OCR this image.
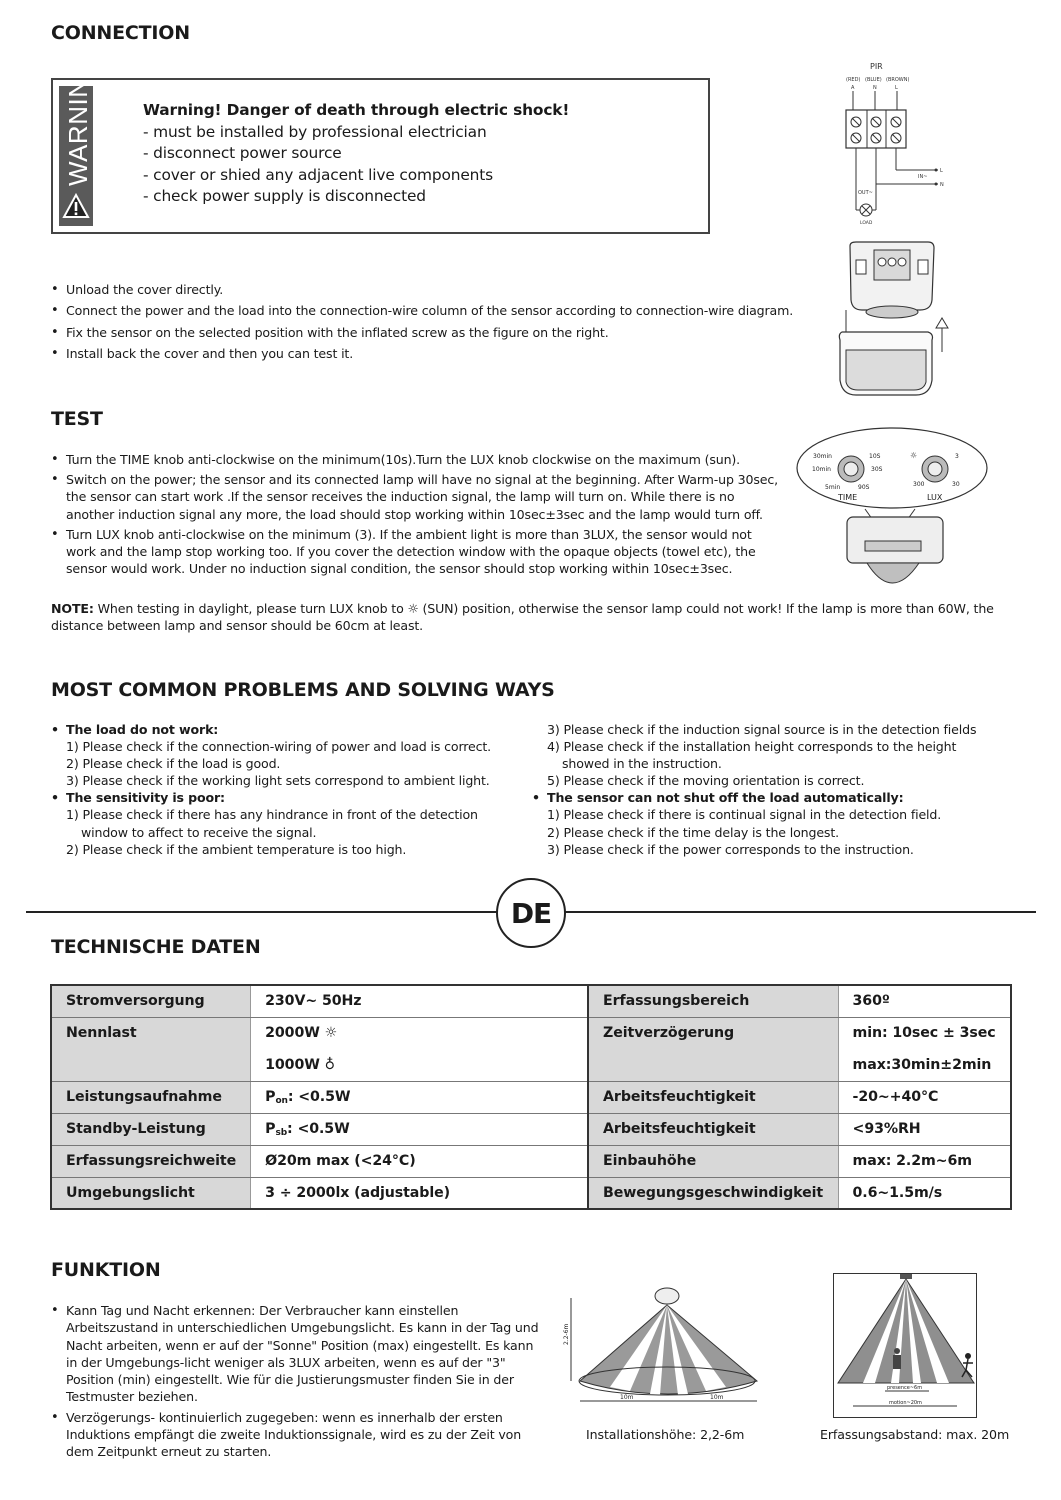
CONNECTION
WARNING	Warning! Danger of death through electric shock!
- must be installed by professional electrician
- disconnect power source
- cover or shied any adjacent live components
- check power supply is disconnected
PIR
(RED) (BLUE) (BROWN)
A	N	L
L
N
IN~
OUT~
LOAD
• Unload the cover directly.
• Connect the power and the load into the connection-wire column of the sensor according to connection-wire diagram.
• Fix the sensor on the selected position with the inflated screw as the figure on the right.
• Install back the cover and then you can test it.
TEST
• Turn the TIME knob anti-clockwise on the minimum(10s).Turn the LUX knob clockwise on the maximum (sun).
• Switch on the power; the sensor and its connected lamp will have no signal at the beginning. After Warm-up 30sec, the sensor can start work .If the sensor receives the induction signal, the lamp will turn on. While there is no another induction signal any more, the load should stop working within 10sec±3sec and the lamp would turn off.
• Turn LUX knob anti-clockwise on the minimum (3). If the ambient light is more than 3LUX, the sensor would not work and the lamp stop working too. If you cover the detection window with the opaque objects (towel etc), the sensor would work. Under no induction signal condition, the sensor should stop working within 10sec±3sec.
30min
10min
5min
10S
30S
90S
TIME
☼	3
300	30
LUX
NOTE: When testing in daylight, please turn LUX knob to ☼ (SUN) position, otherwise the sensor lamp could not work! If the lamp is more than 60W, the distance between lamp and sensor should be 60cm at least.
MOST COMMON PROBLEMS AND SOLVING WAYS
• The load do not work:
1) Please check if the connection-wiring of power and load is correct.
2) Please check if the load is good.
3) Please check if the working light sets correspond to ambient light.
• The sensitivity is poor:
1) Please check if there has any hindrance in front of the detection
window to affect to receive the signal.
2) Please check if the ambient temperature is too high.
3) Please check if the induction signal source is in the detection fields
4) Please check if the installation height corresponds to the height
showed in the instruction.
5) Please check if the moving orientation is correct.
• The sensor can not shut off the load automatically:
1) Please check if there is continual signal in the detection field.
2) Please check if the time delay is the longest.
3) Please check if the power corresponds to the instruction.
DE
TECHNISCHE DATEN
Stromversorgung	230V~ 50Hz	Erfassungsbereich	360º
Nennlast	2000W ☼	Zeitverzögerung	min: 10sec ± 3sec
	1000W ♁		max:30min±2min
Leistungsaufnahme	$P_{on}$: <0.5W	Arbeitsfeuchtigkeit	-20~+40°C
Standby-Leistung	$P_{sb}$: <0.5W	Arbeitsfeuchtigkeit	<93%RH
Erfassungsreichweite	Ø20m max (<24°C)	Einbauhöhe	max: 2.2m~6m
Umgebungslicht	3 ÷ 2000lx (adjustable)	Bewegungsgeschwindigkeit	0.6~1.5m/s
FUNKTION
• Kann Tag und Nacht erkennen: Der Verbraucher kann einstellen Arbeitszustand in unterschiedlichen Umgebungslicht. Es kann in der Tag und Nacht arbeiten, wenn er auf der "Sonne" Position (max) eingestellt. Es kann in der Umgebungs-licht weniger als 3LUX arbeiten, wenn es auf der "3" Position (min) eingestellt. Wie für die Justierungsmuster finden Sie in der Testmuster beziehen.
• Verzögerungs- kontinuierlich zugegeben: wenn es innerhalb der ersten Induktions empfängt die zweite Induktionssignale, wird es zu der Zeit von dem Zeitpunkt erneut zu starten.
2.2-6m
10m	10m
Installationshöhe: 2,2-6m
presence~6m
motion~20m
Erfassungsabstand: max. 20m
